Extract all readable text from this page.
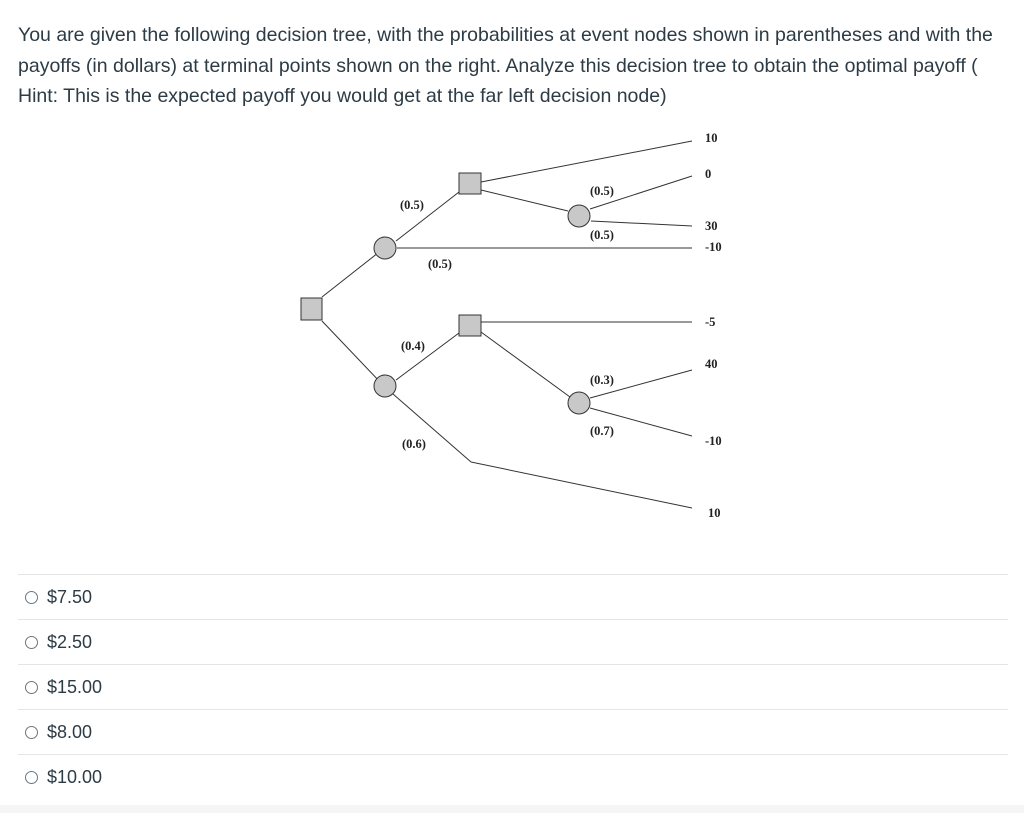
You are given the following decision tree, with the probabilities at event nodes shown in parentheses and with the payoffs (in dollars) at terminal points shown on the right. Analyze this decision tree to obtain the optimal payoff ( Hint: This is the expected payoff you would get at the far left decision node)

(0.5)
(0.5)
(0.5)
(0.5)
(0.4)
(0.6)
(0.3)
(0.7)
10
0
30
-10
-5
40
-10
10
$7.50
$2.50
$15.00
$8.00
$10.00
